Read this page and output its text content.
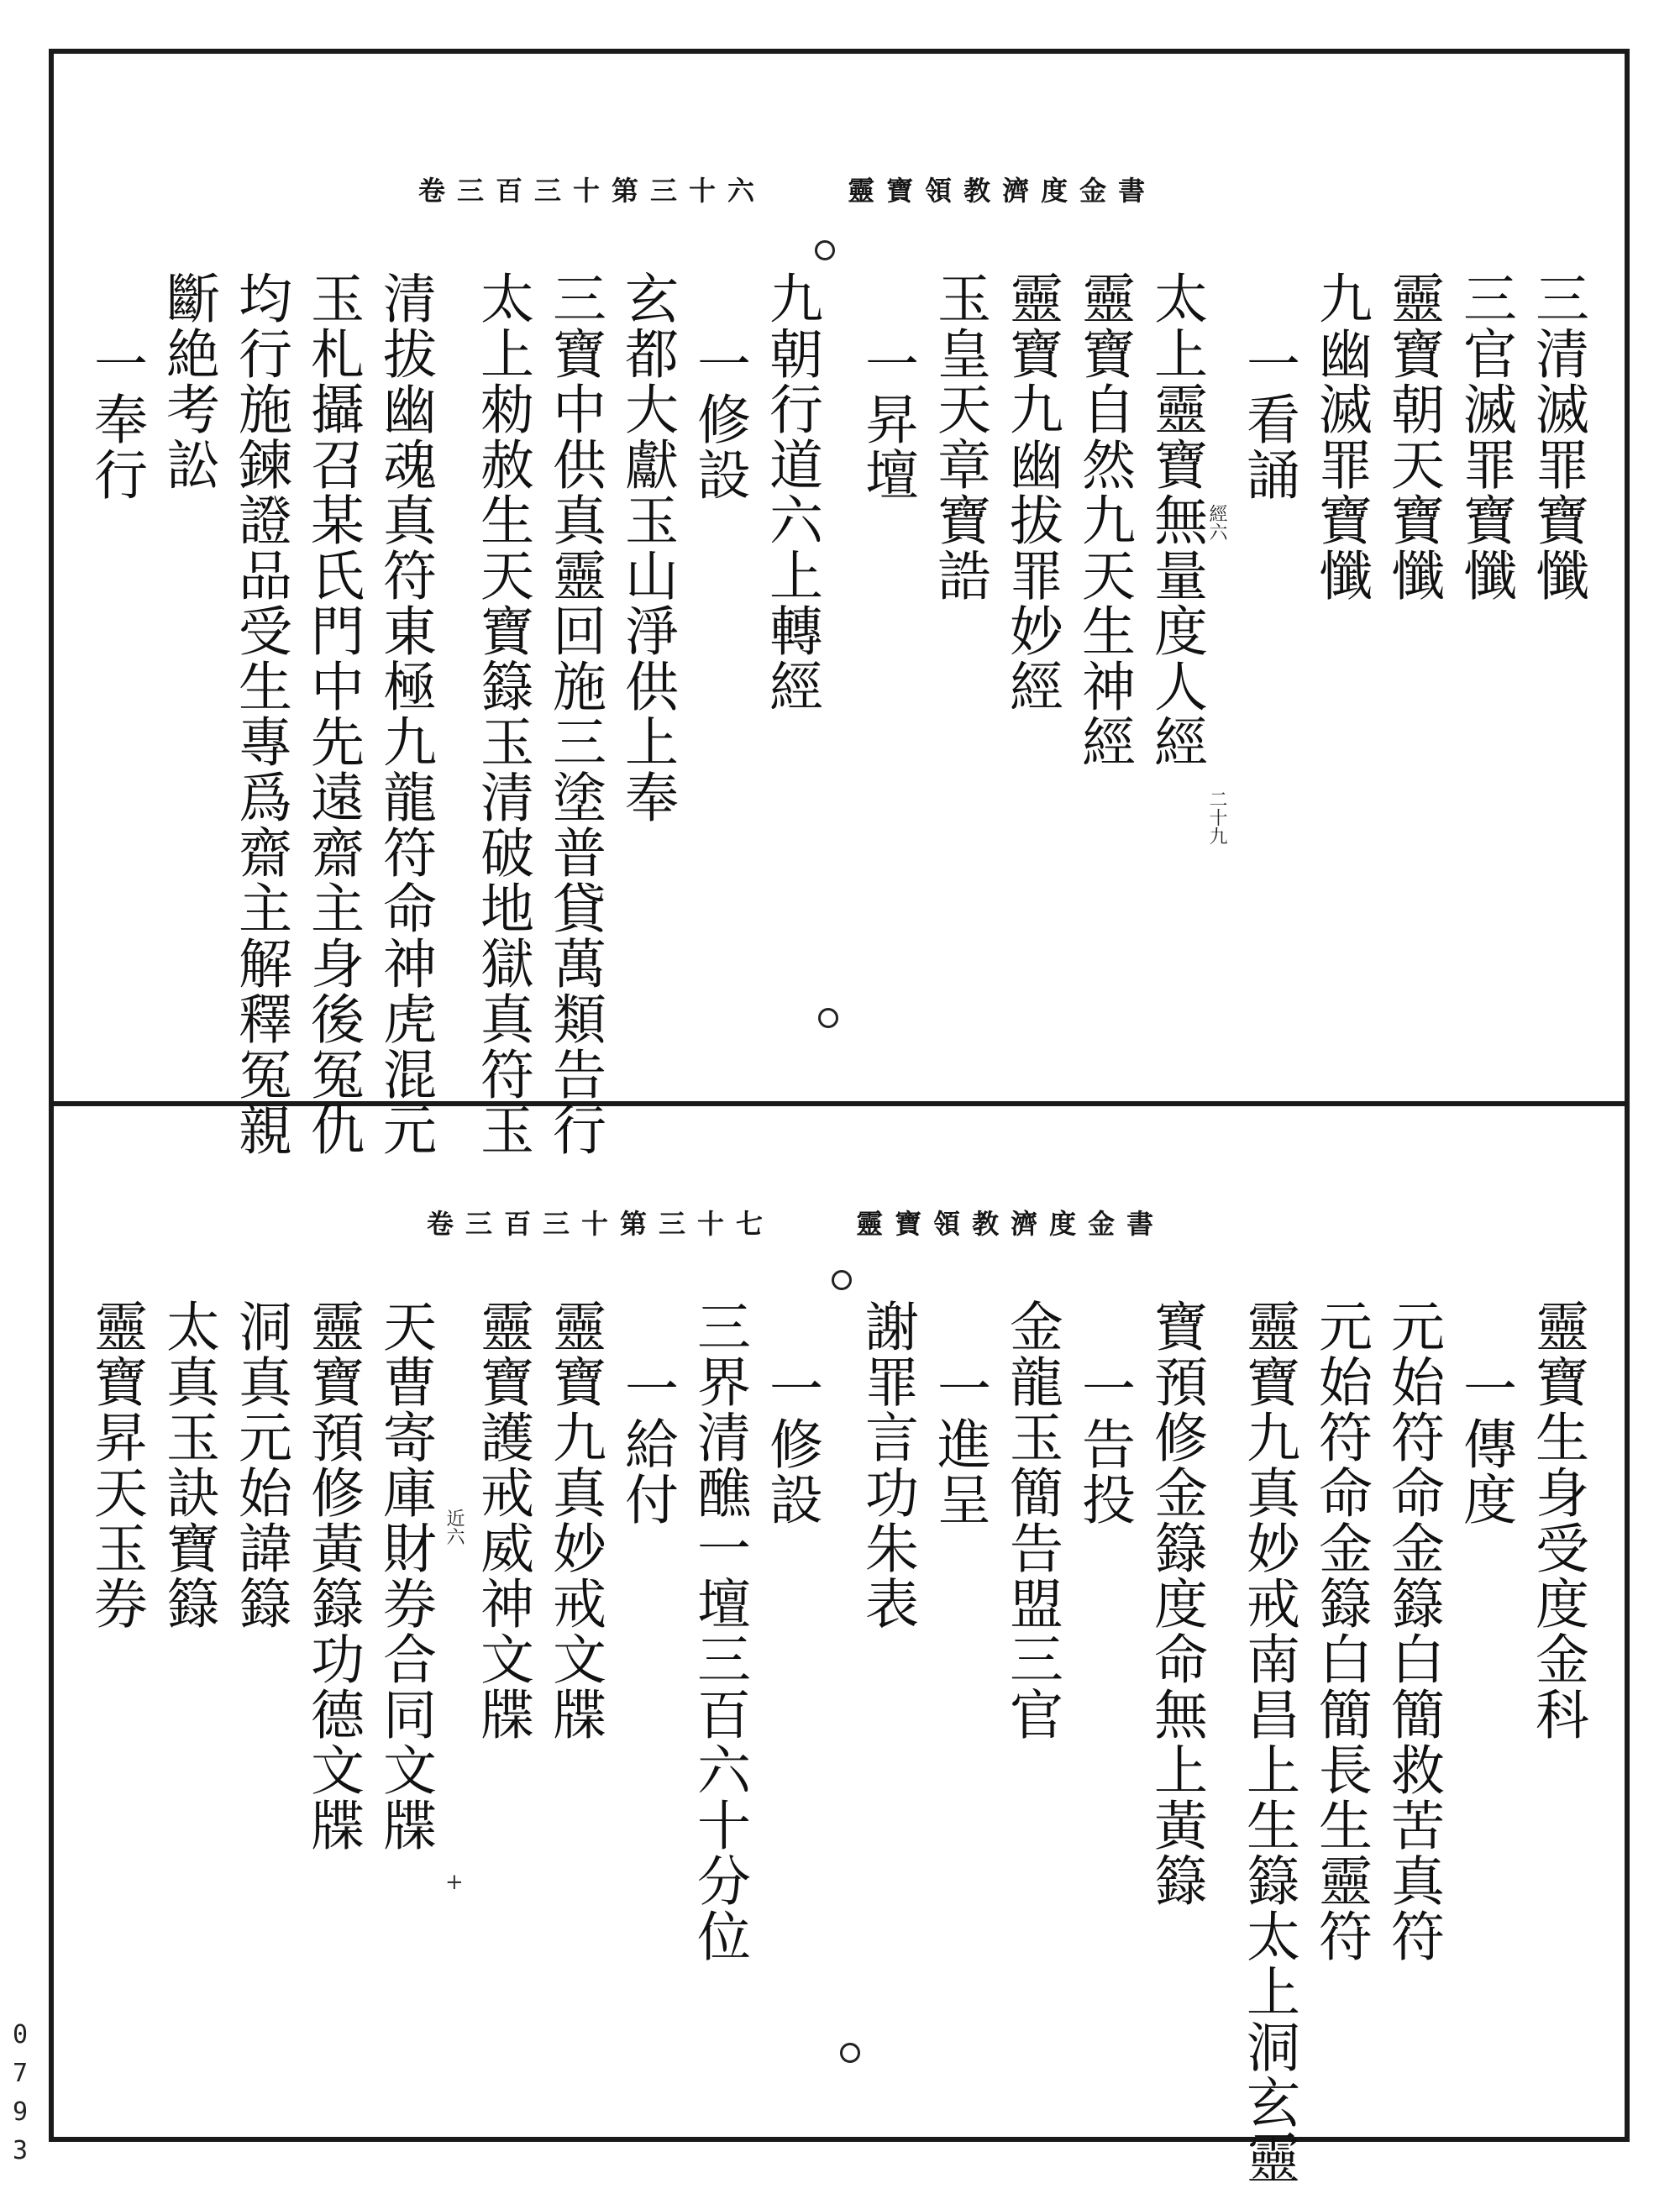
0793
卷三百三十第三十六	靈寶領教濟度金書
三清滅罪寶懺
三官滅罪寶懺
靈寶朝天寶懺
九幽滅罪寶懺
一看誦
太上靈寶無量度人經
靈寶自然九天生神經
靈寶九幽拔罪妙經
玉皇天章寶誥
一昇壇
九朝行道六上轉經
一修設
玄都大獻玉山淨供上奉
三寶中供真靈回施三塗普貸萬類告行
太上勑赦生天寶籙玉清破地獄真符玉
清拔幽魂真符東極九龍符命神虎混元
玉札攝召某氏門中先遠齋主身後冤仇
均行施鍊證品受生專爲齋主解釋冤親
斷絶考訟
一奉行
經六
二十九
卷三百三十第三十七	靈寶領教濟度金書
靈寶生身受度金科
一傳度
元始符命金籙白簡救苦真符
元始符命金籙白簡長生靈符
靈寶九真妙戒南昌上生籙太上洞玄靈
寶預修金籙度命無上黃籙
一告投
金龍玉簡告盟三官
一進呈
謝罪言功朱表
一修設
三界清醮一壇三百六十分位
一給付
靈寶九真妙戒文牒
靈寶護戒威神文牒
天曹寄庫財券合同文牒
靈寶預修黃籙功德文牒
洞真元始諱籙
太真玉訣寶籙
靈寶昇天玉券	近六
+
